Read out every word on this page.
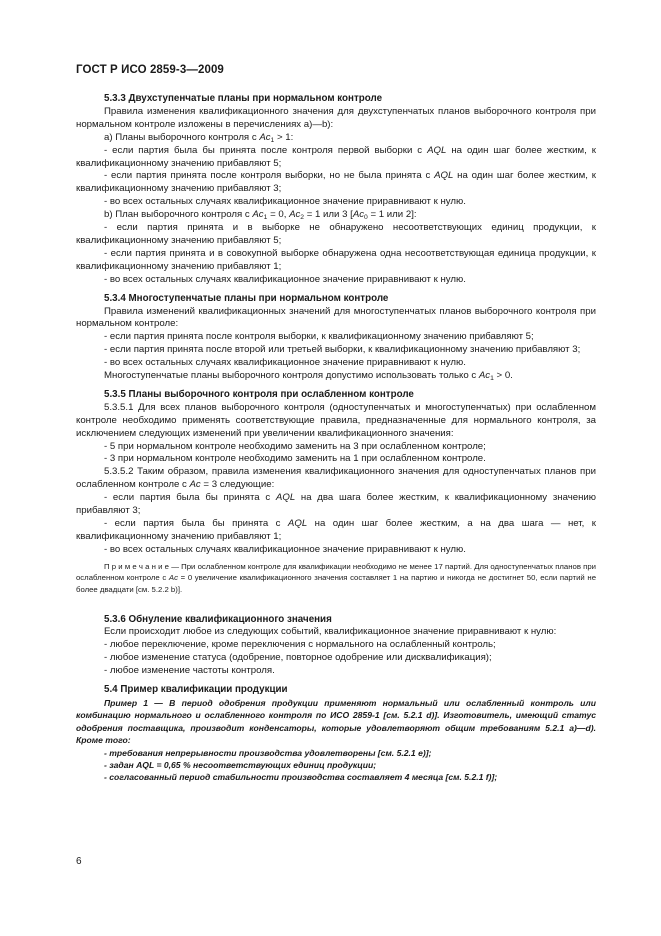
ГОСТ Р ИСО 2859-3—2009

5.3.3 Двухступенчатые планы при нормальном контроле

Правила изменения квалификационного значения для двухступенчатых планов выборочного контроля при нормальном контроле изложены в перечислениях а)—b):

а) Планы выборочного контроля с $Ac_1 > 1$:

- если партия была бы принята после контроля первой выборки с AQL на один шаг более жестким, к квалификационному значению прибавляют 5;

- если партия принята после контроля выборки, но не была принята с AQL на один шаг более жестким, к квалификационному значению прибавляют 3;

- во всех остальных случаях квалификационное значение приравнивают к нулю.

b) План выборочного контроля с $Ac_1 = 0$, $Ac_2 = 1$ или 3 [$Ac_0 = 1$ или 2]:

- если партия принята и в выборке не обнаружено несоответствующих единиц продукции, к квалификационному значению прибавляют 5;

- если партия принята и в совокупной выборке обнаружена одна несоответствующая единица продукции, к квалификационному значению прибавляют 1;

- во всех остальных случаях квалификационное значение приравнивают к нулю.

5.3.4 Многоступенчатые планы при нормальном контроле

Правила изменений квалификационных значений для многоступенчатых планов выборочного контроля при нормальном контроле:

- если партия принята после контроля выборки, к квалификационному значению прибавляют 5;

- если партия принята после второй или третьей выборки, к квалификационному значению прибавляют 3;

- во всех остальных случаях квалификационное значение приравнивают к нулю.

Многоступенчатые планы выборочного контроля допустимо использовать только с $Ac_1 > 0$.

5.3.5 Планы выборочного контроля при ослабленном контроле

5.3.5.1 Для всех планов выборочного контроля (одноступенчатых и многоступенчатых) при ослабленном контроле необходимо применять соответствующие правила, предназначенные для нормального контроля, за исключением следующих изменений при увеличении квалификационного значения:

- 5 при нормальном контроле необходимо заменить на 3 при ослабленном контроле;

- 3 при нормальном контроле необходимо заменить на 1 при ослабленном контроле.

5.3.5.2 Таким образом, правила изменения квалификационного значения для одноступенчатых планов при ослабленном контроле с Ac = 3 следующие:

- если партия была бы принята с AQL на два шага более жестким, к квалификационному значению прибавляют 3;

- если партия была бы принята с AQL на один шаг более жестким, а на два шага — нет, к квалификационному значению прибавляют 1;

- во всех остальных случаях квалификационное значение приравнивают к нулю.

П р и м е ч а н и е — При ослабленном контроле для квалификации необходимо не менее 17 партий. Для одноступенчатых планов при ослабленном контроле с Ac = 0 увеличение квалификационного значения составляет 1 на партию и никогда не достигнет 50, если партий не более двадцати [см. 5.2.2 b)].

5.3.6 Обнуление квалификационного значения

Если происходит любое из следующих событий, квалификационное значение приравнивают к нулю:

- любое переключение, кроме переключения с нормального на ослабленный контроль;

- любое изменение статуса (одобрение, повторное одобрение или дисквалификация);

- любое изменение частоты контроля.

5.4 Пример квалификации продукции

Пример 1 — В период одобрения продукции применяют нормальный или ослабленный контроль или комбинацию нормального и ослабленного контроля по ИСО 2859-1 [см. 5.2.1 d)]. Изготовитель, имеющий статус одобрения поставщика, производит конденсаторы, которые удовлетворяют общим требованиям 5.2.1 a)—d). Кроме того:

- требования непрерывности производства удовлетворены [см. 5.2.1 e)];

- задан AQL = 0,65 % несоответствующих единиц продукции;

- согласованный период стабильности производства составляет 4 месяца [см. 5.2.1 f)];

6
